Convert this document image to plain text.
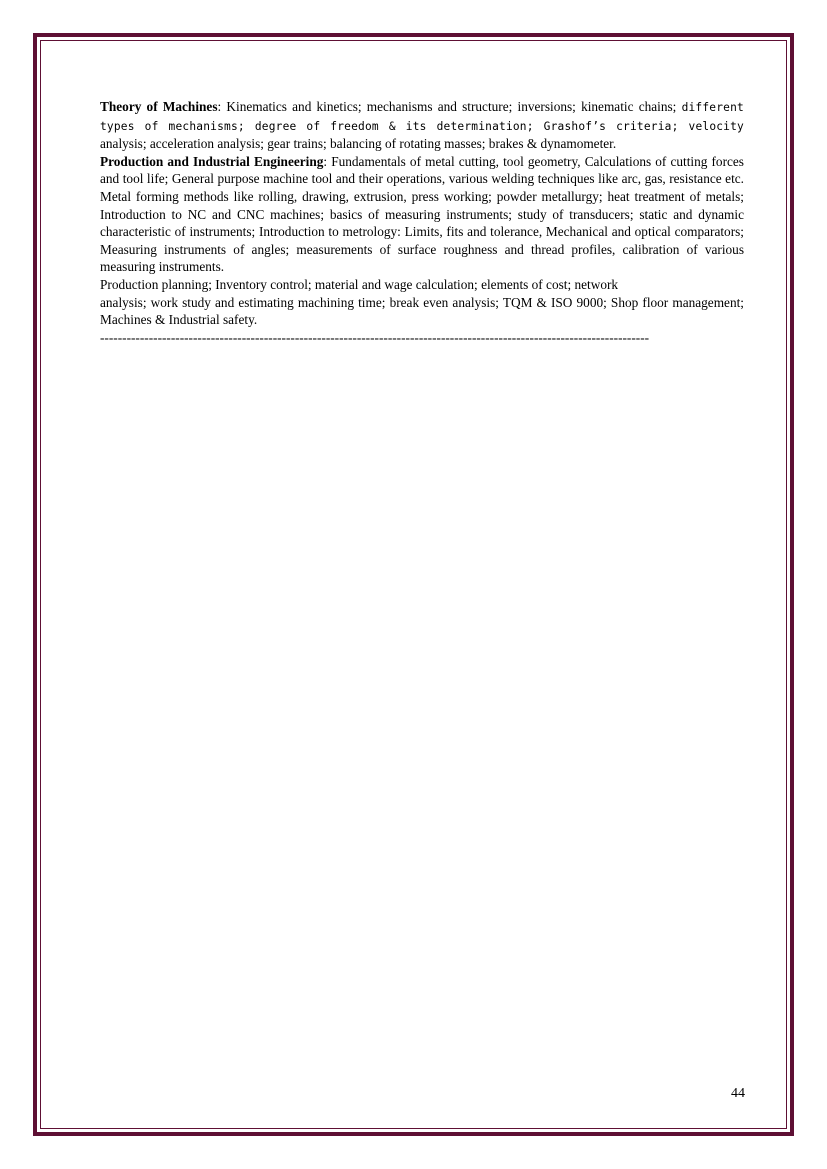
Theory of Machines: Kinematics and kinetics; mechanisms and structure; inversions; kinematic chains; different types of mechanisms; degree of freedom & its determination; Grashof’s criteria; velocity analysis; acceleration analysis; gear trains; balancing of rotating masses; brakes & dynamometer.

Production and Industrial Engineering: Fundamentals of metal cutting, tool geometry, Calculations of cutting forces and tool life; General purpose machine tool and their operations, various welding techniques like arc, gas, resistance etc. Metal forming methods like rolling, drawing, extrusion, press working; powder metallurgy; heat treatment of metals; Introduction to NC and CNC machines; basics of measuring instruments; study of transducers; static and dynamic characteristic of instruments; Introduction to metrology: Limits, fits and tolerance, Mechanical and optical comparators; Measuring instruments of angles; measurements of surface roughness and thread profiles, calibration of various measuring instruments.

Production planning; Inventory control; material and wage calculation; elements of cost; network

analysis; work study and estimating machining time; break even analysis; TQM & ISO 9000; Shop floor management; Machines & Industrial safety.

----------------------------------------------------------------------------------------------------------------------------

44
